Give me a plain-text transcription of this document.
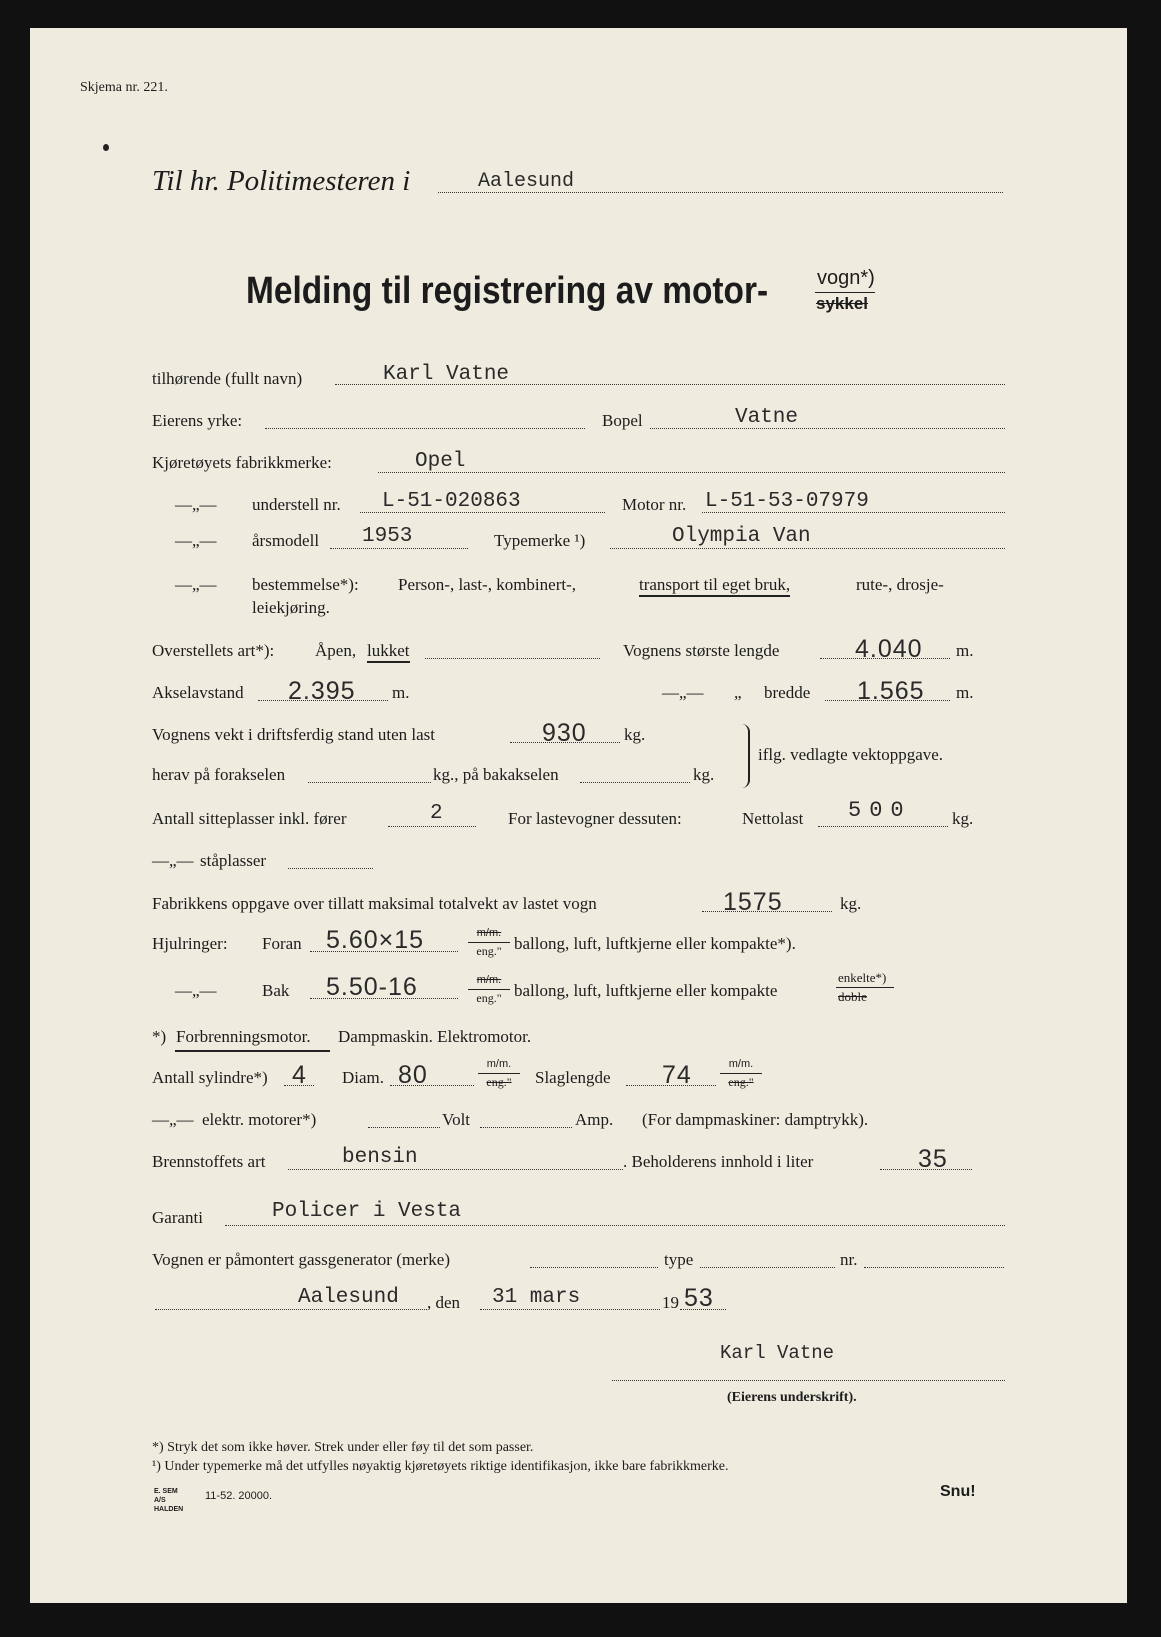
Skjema nr. 221.
Til hr. Politimesteren i	Aalesund
Melding til registrering av motor- vogn*)
sykkel
tilhørende (fullt navn)	Karl Vatne
Eierens yrke:	Bopel	Vatne
Kjøretøyets fabrikkmerke:	Opel
—„— understell nr. L-51-020863	Motor nr. L-51-53-07979
—„— årsmodell 1953	Typemerke ¹)	Olympia Van
—„— bestemmelse*): Person-, last-, kombinert-,	transport til eget bruk,	rute-, drosje-
leiekjøring.
Overstellets art*): Åpen, lukket	Vognens største lengde	4.040 m.
Akselavstand 2.395 m.	—„— „ bredde 1.565 m.
Vognens vekt i driftsferdig stand uten last	930 kg.
herav på forakselen	kg., på bakakselen	kg.
iflg. vedlagte vektoppgave.
Antall sitteplasser inkl. fører	2	For lastevogner dessuten:	Nettolast 500 kg.
—„— ståplasser
Fabrikkens oppgave over tillatt maksimal totalvekt av lastet vogn	1575	kg.
Hjulringer: Foran 5.60×15	m/m.
eng." ballong, luft, luftkjerne eller kompakte*).
—„—	Bak 5.50-16	m/m.
eng." ballong, luft, luftkjerne eller kompakte
enkelte*)
doble
*) Forbrenningsmotor. Dampmaskin. Elektromotor.
Antall sylindre*) 4 Diam. 80	m/m.
eng."	Slaglengde 74	m/m.
eng."
—„— elektr. motorer*)	Volt	Amp. (For dampmaskiner: damptrykk).
Brennstoffets art	bensin	. Beholderens innhold i liter	35
Garanti	Policer i Vesta
Vognen er påmontert gassgenerator (merke)	type	nr.
Aalesund , den 31 mars	19 53
Karl Vatne
(Eierens underskrift).
*) Stryk det som ikke høver. Strek under eller føy til det som passer.
¹) Under typemerke må det utfylles nøyaktig kjøretøyets riktige identifikasjon, ikke bare fabrikkmerke.
E. SEM A/S HALDEN
11-52. 20000.	Snu!
